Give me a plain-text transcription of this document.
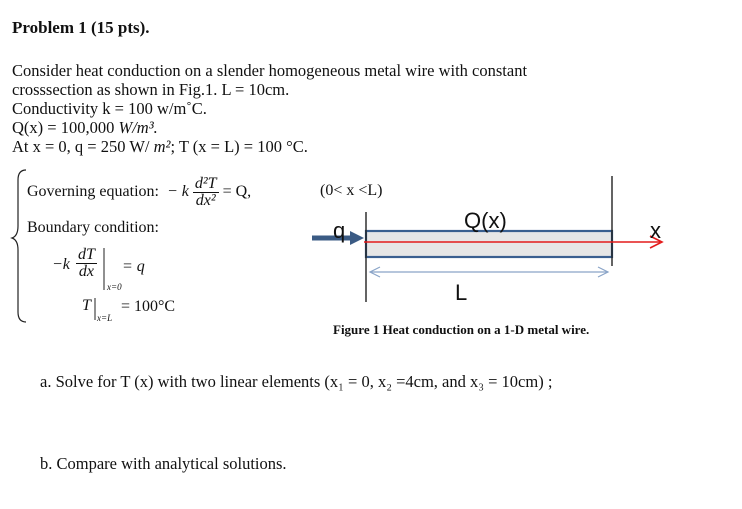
Problem 1 (15 pts).
Consider heat conduction on a slender homogeneous metal wire with constant
crosssection as shown in Fig.1. L = 10cm.
Conductivity k = 100 w/m˚C.
Q(x) = 100,000 W/m³.
At x = 0, q = 250 W/ m²; T (x = L) = 100 °C.
Governing equation: − k $\frac{\text{d²T}}{\text{dx²}} = Q$,	(0< x <L)
Boundary condition:
$-k \frac{dT}{dx}$
x=0
= q
T
x=L
= 100°C
q	Q(x)	x
L
Figure 1 Heat conduction on a 1-D metal wire.
a. Solve for T (x) with two linear elements (x₁ = 0, x₂ =4cm, and x₃ = 10cm) ;
b. Compare with analytical solutions.
